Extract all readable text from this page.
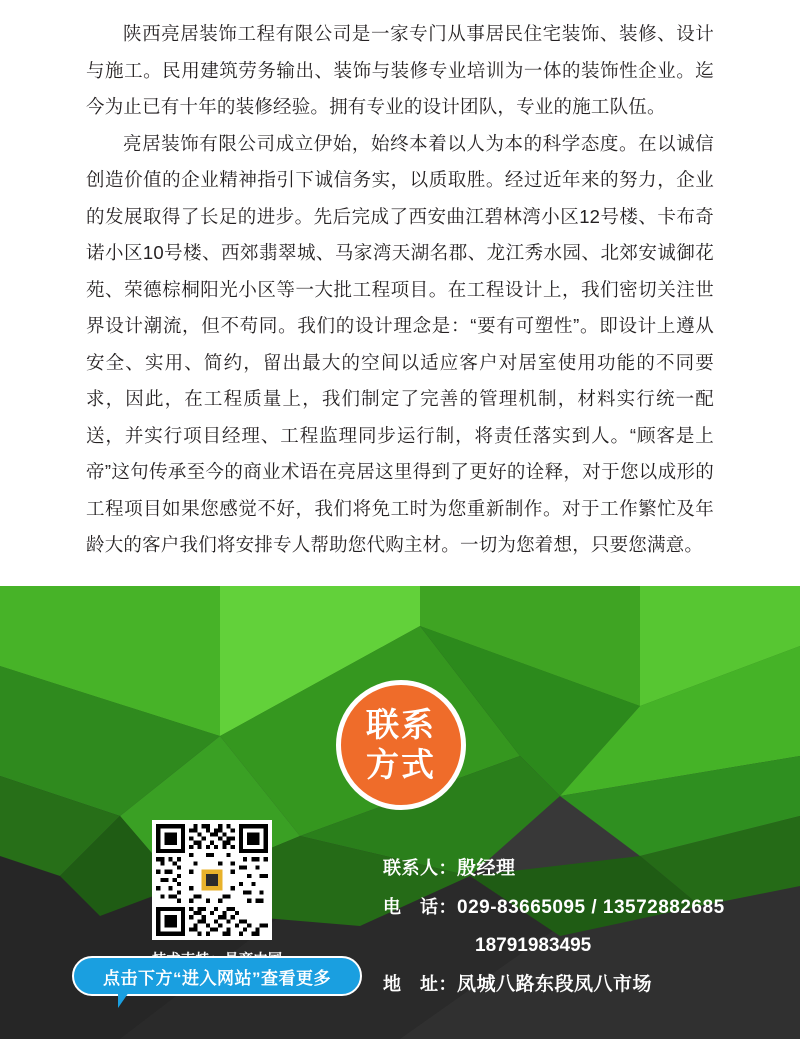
陕西亮居装饰工程有限公司是一家专门从事居民住宅装饰、装修、设计与施工。民用建筑劳务输出、装饰与装修专业培训为一体的装饰性企业。迄今为止已有十年的装修经验。拥有专业的设计团队，专业的施工队伍。

亮居装饰有限公司成立伊始，始终本着以人为本的科学态度。在以诚信创造价值的企业精神指引下诚信务实，以质取胜。经过近年来的努力，企业的发展取得了长足的进步。先后完成了西安曲江碧林湾小区12号楼、卡布奇诺小区10号楼、西郊翡翠城、马家湾天湖名郡、龙江秀水园、北郊安诚御花苑、荣德棕桐阳光小区等一大批工程项目。在工程设计上，我们密切关注世界设计潮流，但不苟同。我们的设计理念是：“要有可塑性”。即设计上遵从安全、实用、简约，留出最大的空间以适应客户对居室使用功能的不同要求，因此，在工程质量上，我们制定了完善的管理机制，材料实行统一配送，并实行项目经理、工程监理同步运行制，将责任落实到人。“顾客是上帝”这句传承至今的商业术语在亮居这里得到了更好的诠释，对于您以成形的工程项目如果您感觉不好，我们将免工时为您重新制作。对于工作繁忙及年龄大的客户我们将安排专人帮助您代购主材。一切为您着想，只要您满意。

联系
方式
联系人：殷经理
电　话：029-83665095 / 13572882685
18791983495
地　址：凤城八路东段凤八市场
点击下方“进入网站”查看更多
